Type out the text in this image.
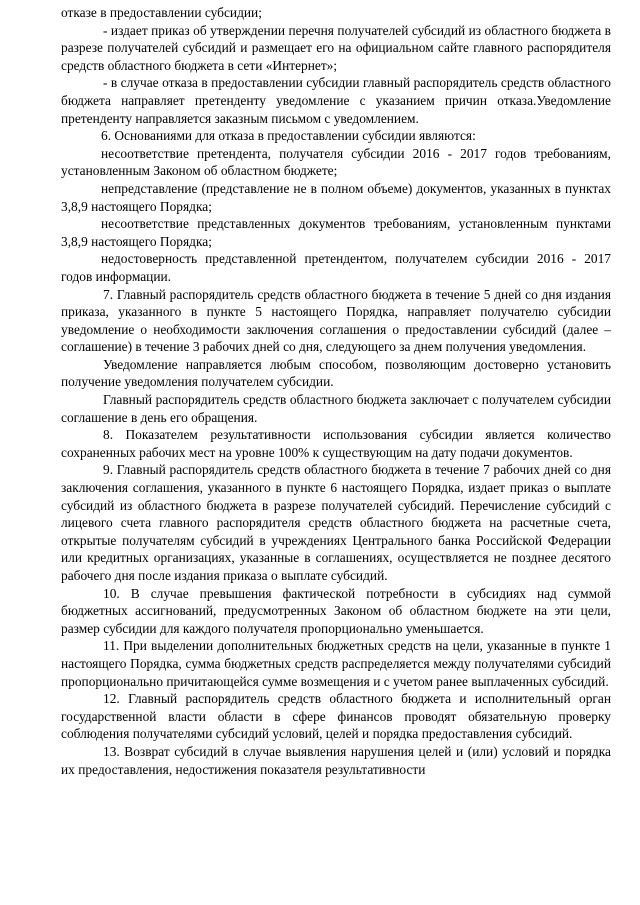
отказе в предоставлении субсидии;

- издает приказ об утверждении перечня получателей субсидий из областного бюджета в разрезе получателей субсидий и размещает его на официальном сайте главного распорядителя средств областного бюджета в сети «Интернет»;

- в случае отказа в предоставлении субсидии главный распорядитель средств областного бюджета направляет претенденту уведомление с указанием причин отказа.Уведомление претенденту направляется заказным письмом с уведомлением.

6. Основаниями для отказа в предоставлении субсидии являются:

несоответствие претендента, получателя субсидии 2016 - 2017 годов требованиям, установленным Законом об областном бюджете;

непредставление (представление не в полном объеме) документов, указанных в пунктах 3,8,9 настоящего Порядка;

несоответствие представленных документов требованиям, установленным пунктами 3,8,9 настоящего Порядка;

недостоверность представленной претендентом, получателем субсидии 2016 - 2017 годов информации.

7. Главный распорядитель средств областного бюджета в течение 5 дней со дня издания приказа, указанного в пункте 5 настоящего Порядка, направляет получателю субсидии уведомление о необходимости заключения соглашения о предоставлении субсидий (далее – соглашение) в течение 3 рабочих дней со дня, следующего за днем получения уведомления.

Уведомление направляется любым способом, позволяющим достоверно установить получение уведомления получателем субсидии.

Главный распорядитель средств областного бюджета заключает с получателем субсидии соглашение в день его обращения.

8. Показателем результативности использования субсидии является количество сохраненных рабочих мест на уровне 100% к существующим на дату подачи документов.

9. Главный распорядитель средств областного бюджета в течение 7 рабочих дней со дня заключения соглашения, указанного в пункте 6 настоящего Порядка, издает приказ о выплате субсидий из областного бюджета в разрезе получателей субсидий. Перечисление субсидий с лицевого счета главного распорядителя средств областного бюджета на расчетные счета, открытые получателям субсидий в учреждениях Центрального банка Российской Федерации или кредитных организациях, указанные в соглашениях, осуществляется не позднее десятого рабочего дня после издания приказа о выплате субсидий.

10. В случае превышения фактической потребности в субсидиях над суммой бюджетных ассигнований, предусмотренных Законом об областном бюджете на эти цели, размер субсидии для каждого получателя пропорционально уменьшается.

11. При выделении дополнительных бюджетных средств на цели, указанные в пункте 1 настоящего Порядка, сумма бюджетных средств распределяется между получателями субсидий пропорционально причитающейся сумме возмещения и с учетом ранее выплаченных субсидий.

12. Главный распорядитель средств областного бюджета и исполнительный орган государственной власти области в сфере финансов проводят обязательную проверку соблюдения получателями субсидий условий, целей и порядка предоставления субсидий.

13. Возврат субсидий в случае выявления нарушения целей и (или) условий и порядка их предоставления, недостижения показателя результативности
